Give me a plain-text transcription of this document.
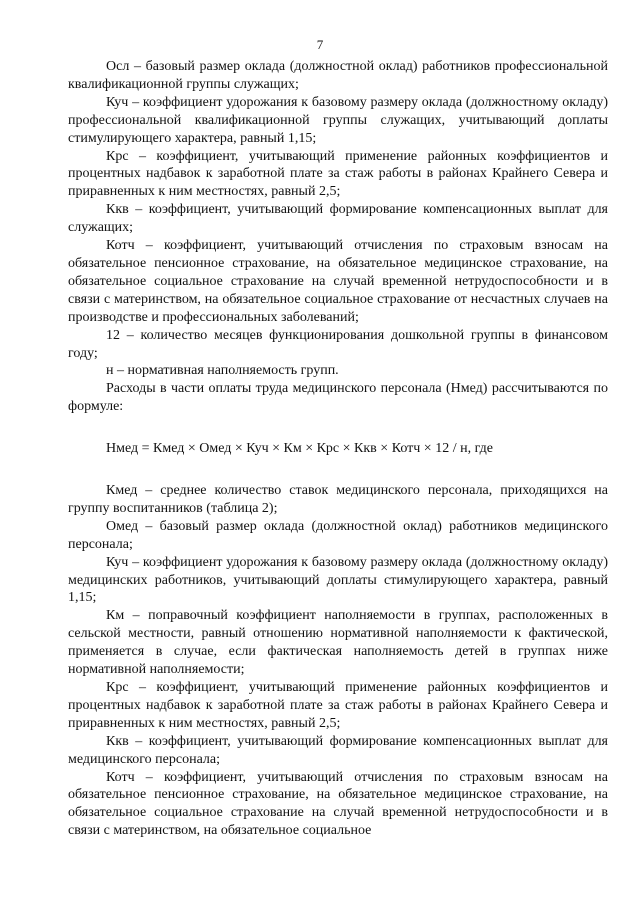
7

Осл – базовый размер оклада (должностной оклад) работников профессиональной квалификационной группы служащих;

Куч – коэффициент удорожания к базовому размеру оклада (должностному окладу) профессиональной квалификационной группы служащих, учитывающий доплаты стимулирующего характера, равный 1,15;

Крс – коэффициент, учитывающий применение районных коэффициентов и процентных надбавок к заработной плате за стаж работы в районах Крайнего Севера и приравненных к ним местностях, равный 2,5;

Ккв – коэффициент, учитывающий формирование компенсационных выплат для служащих;

Котч – коэффициент, учитывающий отчисления по страховым взносам на обязательное пенсионное страхование, на обязательное медицинское страхование, на обязательное социальное страхование на случай временной нетрудоспособности и в связи с материнством, на обязательное социальное страхование от несчастных случаев на производстве и профессиональных заболеваний;

12 – количество месяцев функционирования дошкольной группы в финансовом году;

н – нормативная наполняемость групп.

Расходы в части оплаты труда медицинского персонала (Нмед) рассчитываются по формуле:

Нмед = Кмед × Омед × Куч × Км × Крс × Ккв × Котч × 12 / н, где

Кмед – среднее количество ставок медицинского персонала, приходящихся на группу воспитанников (таблица 2);

Омед – базовый размер оклада (должностной оклад) работников медицинского персонала;

Куч – коэффициент удорожания к базовому размеру оклада (должностному окладу) медицинских работников, учитывающий доплаты стимулирующего характера, равный 1,15;

Км – поправочный коэффициент наполняемости в группах, расположенных в сельской местности, равный отношению нормативной наполняемости к фактической, применяется в случае, если фактическая наполняемость детей в группах ниже нормативной наполняемости;

Крс – коэффициент, учитывающий применение районных коэффициентов и процентных надбавок к заработной плате за стаж работы в районах Крайнего Севера и приравненных к ним местностях, равный 2,5;

Ккв – коэффициент, учитывающий формирование компенсационных выплат для медицинского персонала;

Котч – коэффициент, учитывающий отчисления по страховым взносам на обязательное пенсионное страхование, на обязательное медицинское страхование, на обязательное социальное страхование на случай временной нетрудоспособности и в связи с материнством, на обязательное социальное
